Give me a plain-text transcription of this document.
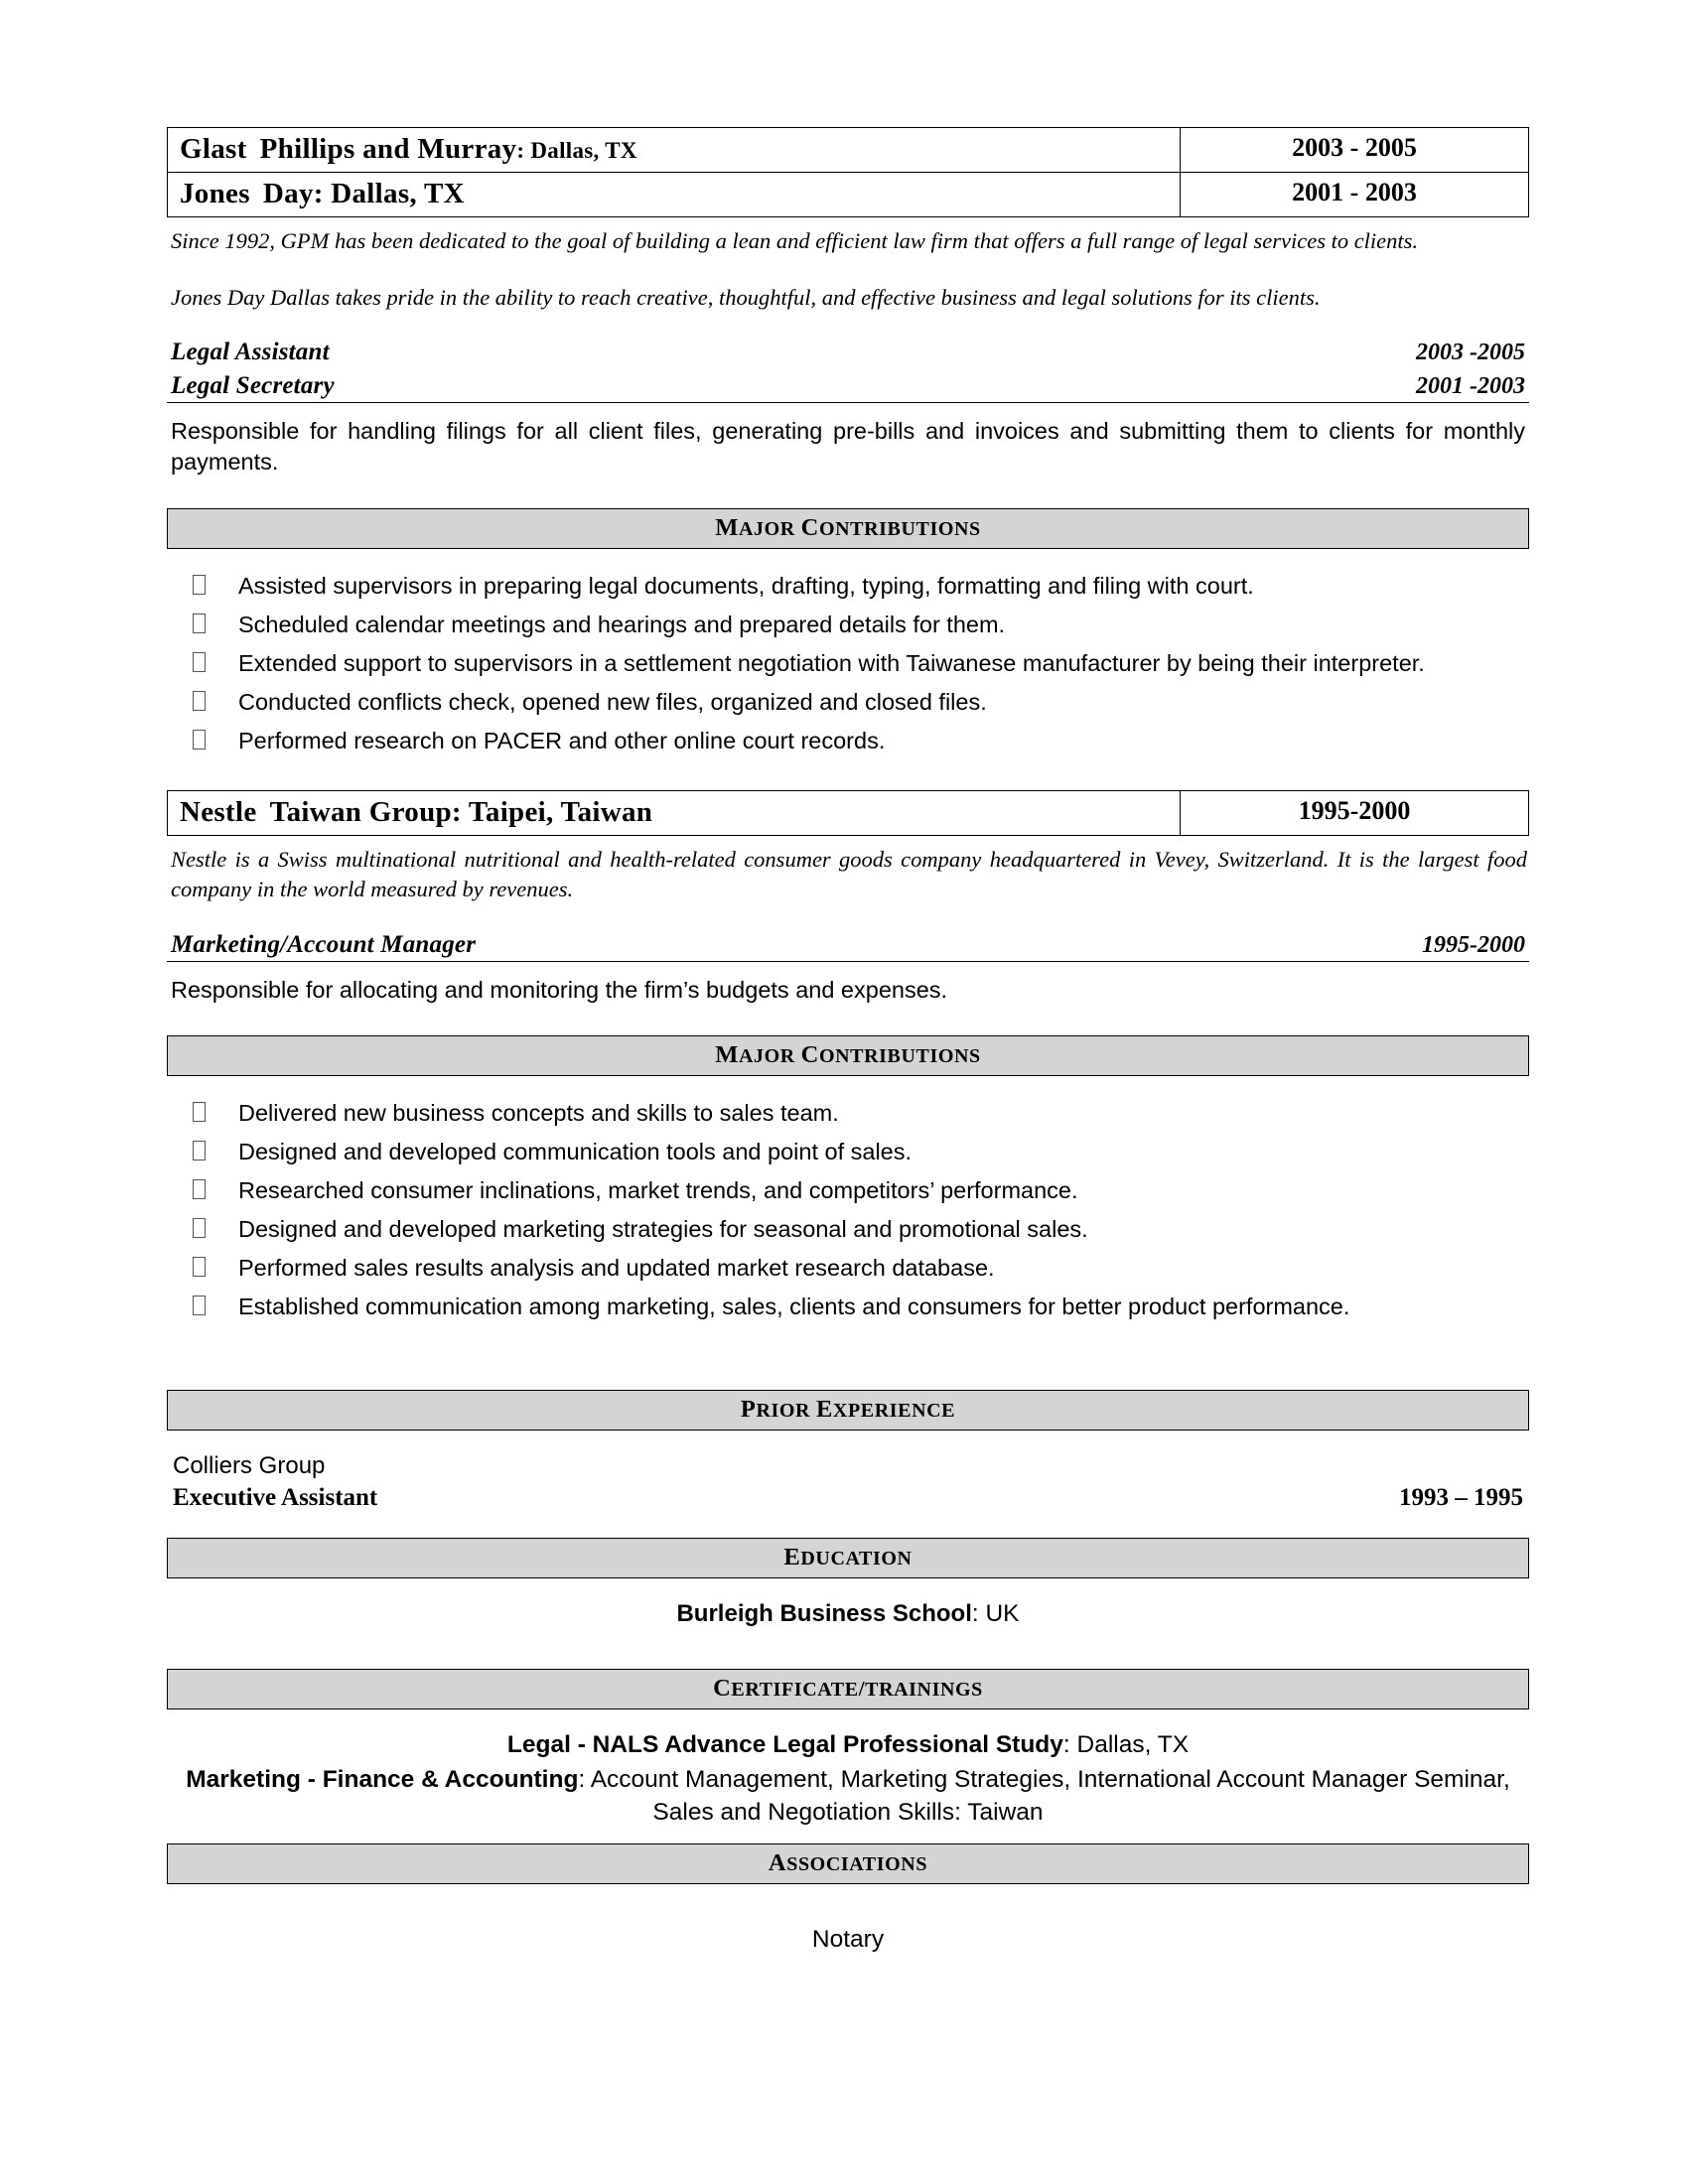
Glast Phillips and Murray: Dallas, TX	2003 - 2005
Jones Day: Dallas, TX	2001 - 2003

Since 1992, GPM has been dedicated to the goal of building a lean and efficient law firm that offers a full range of legal services to clients.

Jones Day Dallas takes pride in the ability to reach creative, thoughtful, and effective business and legal solutions for its clients.

Legal Assistant	2003 -2005
Legal Secretary	2001 -2003

Responsible for handling filings for all client files, generating pre-bills and invoices and submitting them to clients for monthly payments.

MAJOR CONTRIBUTIONS
Assisted supervisors in preparing legal documents, drafting, typing, formatting and filing with court.
Scheduled calendar meetings and hearings and prepared details for them.
Extended support to supervisors in a settlement negotiation with Taiwanese manufacturer by being their interpreter.
Conducted conflicts check, opened new files, organized and closed files.
Performed research on PACER and other online court records.
Nestle Taiwan Group: Taipei, Taiwan	1995-2000

Nestle is a Swiss multinational nutritional and health-related consumer goods company headquartered in Vevey, Switzerland. It is the largest food company in the world measured by revenues.

Marketing/Account Manager	1995-2000

Responsible for allocating and monitoring the firm’s budgets and expenses.

MAJOR CONTRIBUTIONS
Delivered new business concepts and skills to sales team.
Designed and developed communication tools and point of sales.
Researched consumer inclinations, market trends, and competitors’ performance.
Designed and developed marketing strategies for seasonal and promotional sales.
Performed sales results analysis and updated market research database.
Established communication among marketing, sales, clients and consumers for better product performance.
PRIOR EXPERIENCE
Colliers Group
Executive Assistant	1993 – 1995
EDUCATION
Burleigh Business School: UK
CERTIFICATE/TRAININGS
Legal - NALS Advance Legal Professional Study: Dallas, TX
Marketing - Finance & Accounting: Account Management, Marketing Strategies, International Account Manager Seminar, Sales and Negotiation Skills: Taiwan
ASSOCIATIONS
Notary
